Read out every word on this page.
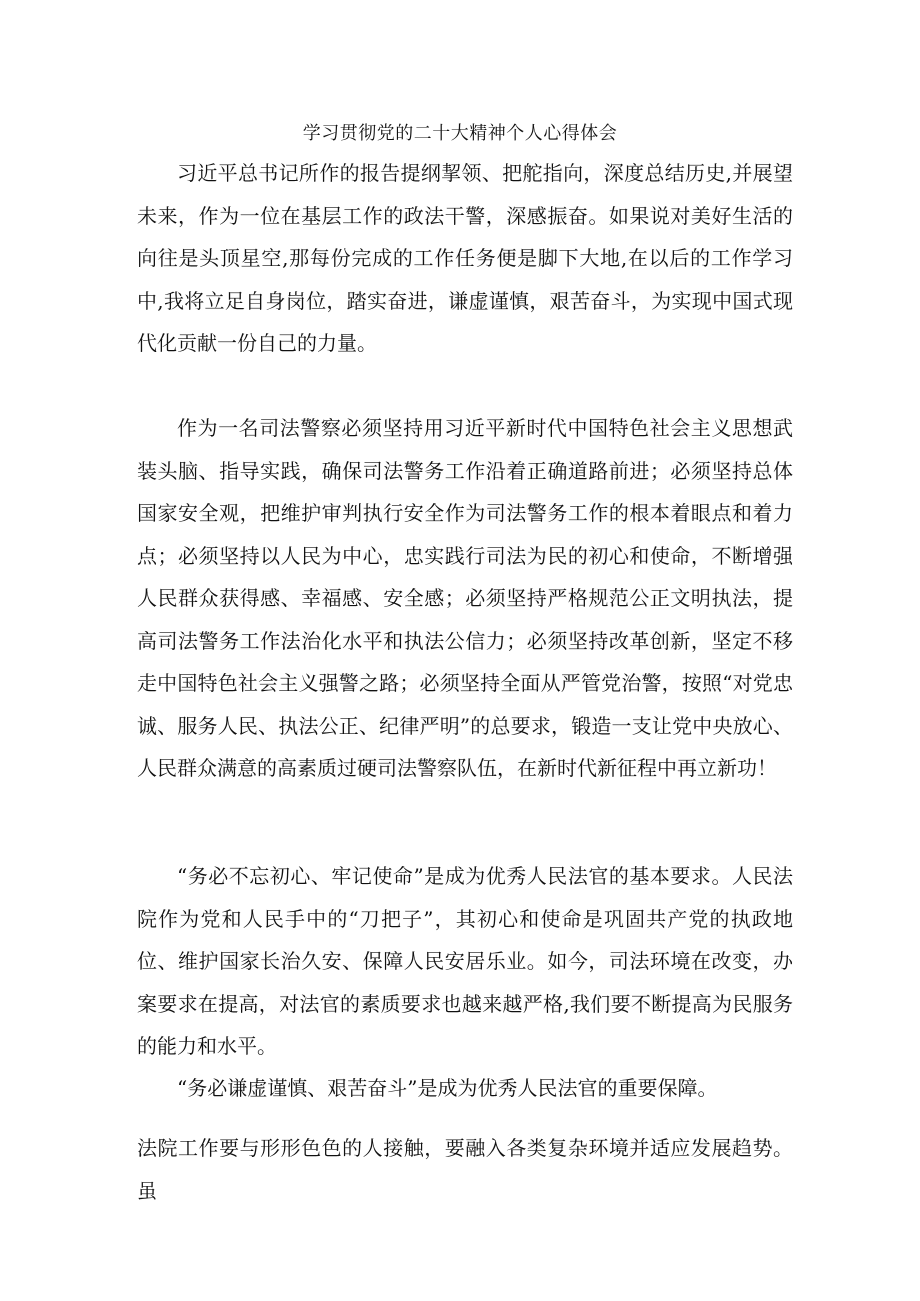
学习贯彻党的二十大精神个人心得体会

习近平总书记所作的报告提纲挈领、把舵指向，深度总结历史,并展望未来，作为一位在基层工作的政法干警，深感振奋。如果说对美好生活的向往是头顶星空,那每份完成的工作任务便是脚下大地,在以后的工作学习中,我将立足自身岗位，踏实奋进，谦虚谨慎，艰苦奋斗，为实现中国式现代化贡献一份自己的力量。

作为一名司法警察必须坚持用习近平新时代中国特色社会主义思想武装头脑、指导实践，确保司法警务工作沿着正确道路前进；必须坚持总体国家安全观，把维护审判执行安全作为司法警务工作的根本着眼点和着力点；必须坚持以人民为中心，忠实践行司法为民的初心和使命，不断增强人民群众获得感、幸福感、安全感；必须坚持严格规范公正文明执法，提高司法警务工作法治化水平和执法公信力；必须坚持改革创新，坚定不移走中国特色社会主义强警之路；必须坚持全面从严管党治警，按照“对党忠诚、服务人民、执法公正、纪律严明”的总要求，锻造一支让党中央放心、人民群众满意的高素质过硬司法警察队伍，在新时代新征程中再立新功！

“务必不忘初心、牢记使命”是成为优秀人民法官的基本要求。人民法院作为党和人民手中的“刀把子”，其初心和使命是巩固共产党的执政地位、维护国家长治久安、保障人民安居乐业。如今，司法环境在改变，办案要求在提高，对法官的素质要求也越来越严格,我们要不断提高为民服务的能力和水平。

“务必谦虚谨慎、艰苦奋斗”是成为优秀人民法官的重要保障。

法院工作要与形形色色的人接触，要融入各类复杂环境并适应发展趋势。虽
